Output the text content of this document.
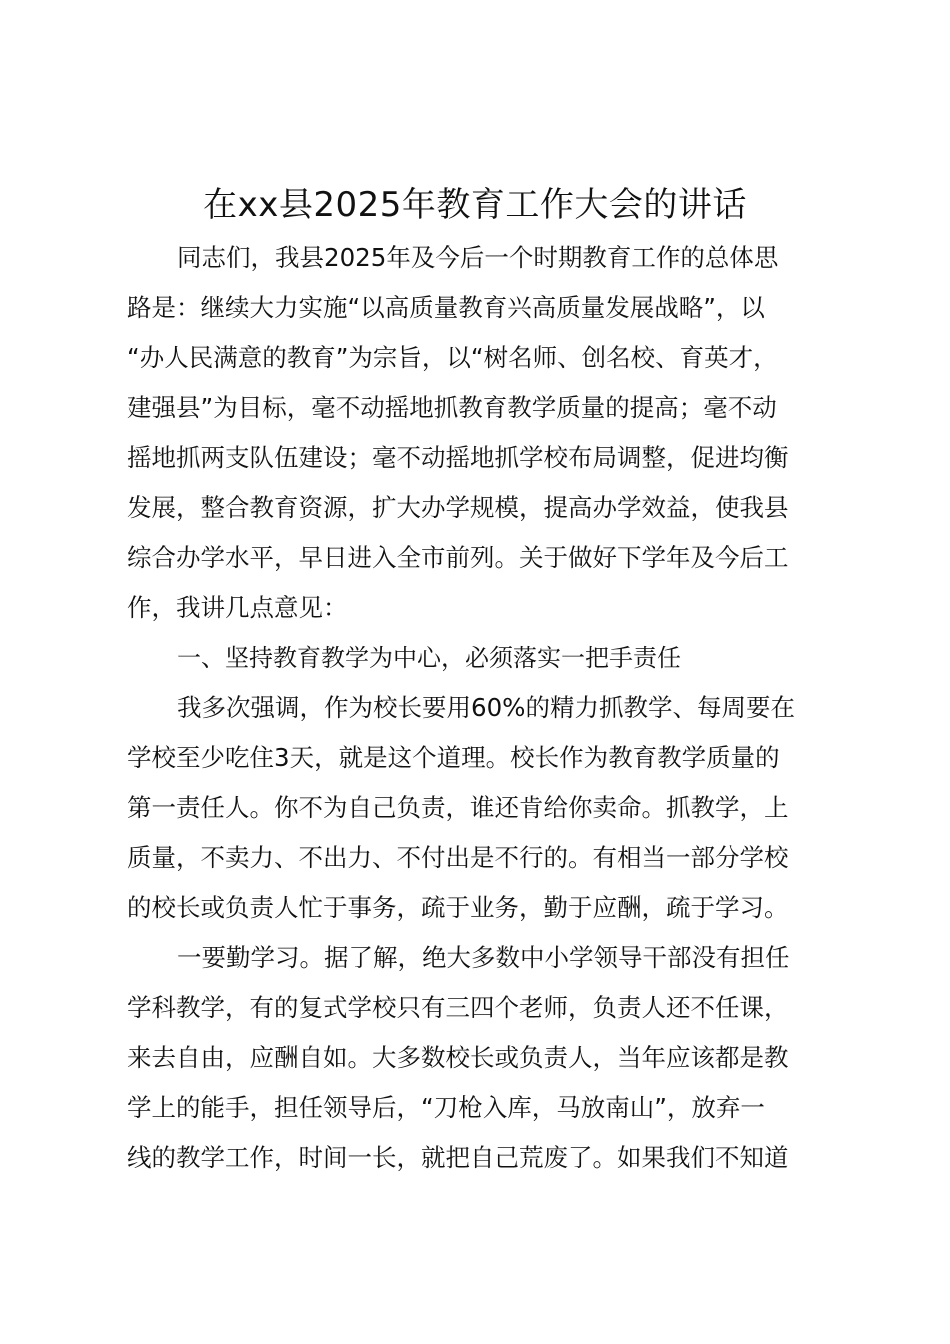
在xx县2025年教育工作大会的讲话
同志们，我县2025年及今后一个时期教育工作的总体思
路是：继续大力实施“以高质量教育兴高质量发展战略”，以
“办人民满意的教育”为宗旨，以“树名师、创名校、育英才，
建强县”为目标，毫不动摇地抓教育教学质量的提高；毫不动
摇地抓两支队伍建设；毫不动摇地抓学校布局调整，促进均衡
发展，整合教育资源，扩大办学规模，提高办学效益，使我县
综合办学水平，早日进入全市前列。关于做好下学年及今后工
作，我讲几点意见：
一、坚持教育教学为中心，必须落实一把手责任
我多次强调，作为校长要用60%的精力抓教学、每周要在
学校至少吃住3天，就是这个道理。校长作为教育教学质量的
第一责任人。你不为自己负责，谁还肯给你卖命。抓教学，上
质量，不卖力、不出力、不付出是不行的。有相当一部分学校
的校长或负责人忙于事务，疏于业务，勤于应酬，疏于学习。
一要勤学习。据了解，绝大多数中小学领导干部没有担任
学科教学，有的复式学校只有三四个老师，负责人还不任课，
来去自由，应酬自如。大多数校长或负责人，当年应该都是教
学上的能手，担任领导后，“刀枪入库，马放南山”，放弃一
线的教学工作，时间一长，就把自己荒废了。如果我们不知道
